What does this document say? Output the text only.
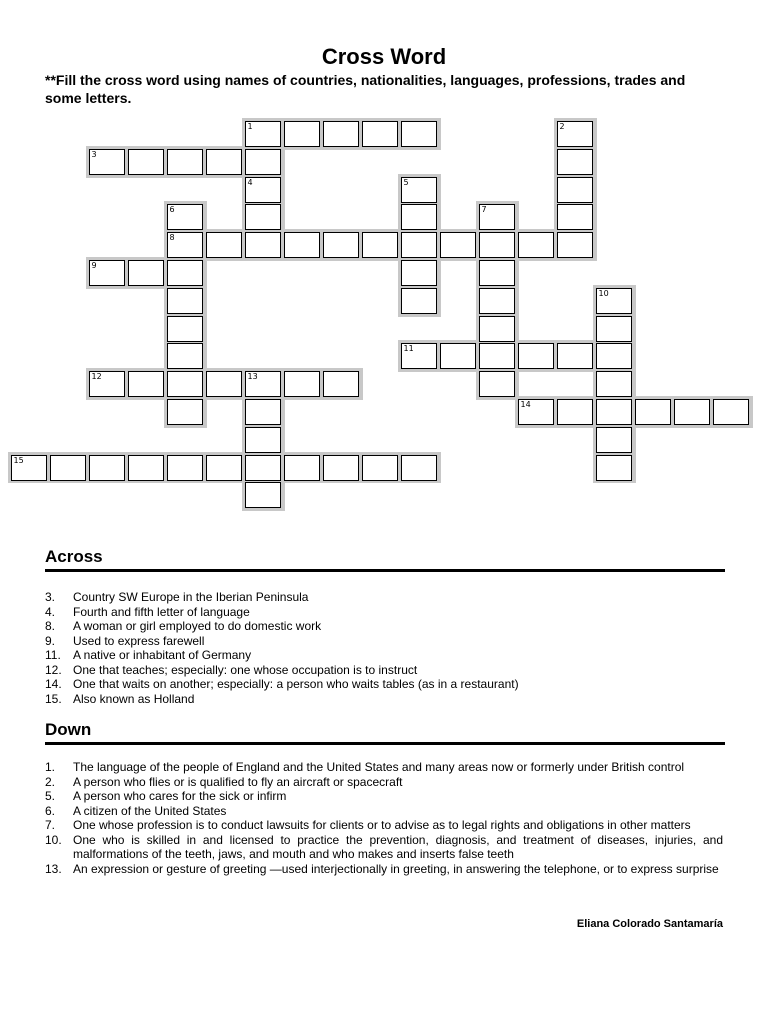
Cross Word
**Fill the cross word using names of countries, nationalities, languages, professions, trades and some letters.
1	2
3
4	5
6
8
7
9
10
11
12	13
14
15
Across
3.	Country SW Europe in the Iberian Peninsula
4.	Fourth and fifth letter of language
8.	A woman or girl employed to do domestic work
9.	Used to express farewell
11.	A native or inhabitant of Germany
12. One that teaches; especially: one whose occupation is to instruct
14. One that waits on another; especially: a person who waits tables (as in a restaurant)
15. Also known as Holland
Down
1.	The language of the people of England and the United States and many areas now or formerly under British control
2.	A person who flies or is qualified to fly an aircraft or spacecraft
5.	A person who cares for the sick or infirm
6.	A citizen of the United States
7.	One whose profession is to conduct lawsuits for clients or to advise as to legal rights and obligations in other matters
10. One who is skilled in and licensed to practice the prevention, diagnosis, and treatment of diseases, injuries, and malformations of the teeth, jaws, and mouth and who makes and inserts false teeth
13. An expression or gesture of greeting —used interjectionally in greeting, in answering the telephone, or to express surprise
Eliana Colorado Santamaría
